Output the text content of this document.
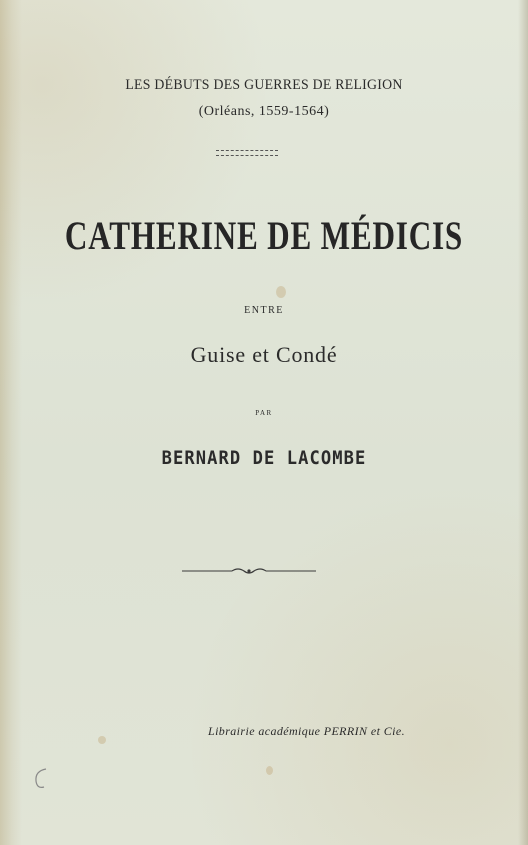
LES DÉBUTS DES GUERRES DE RELIGION
(Orléans, 1559-1564)
CATHERINE DE MÉDICIS
ENTRE
Guise et Condé
PAR
BERNARD DE LACOMBE
Librairie académique PERRIN et Cie.
